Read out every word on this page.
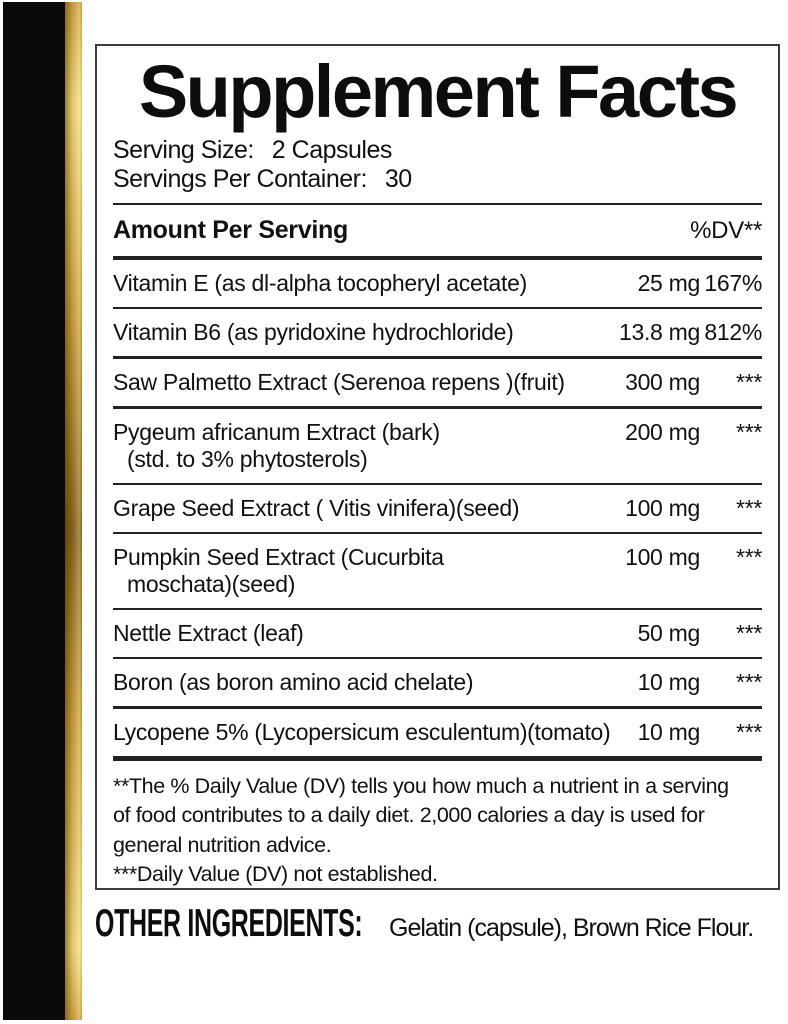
Supplement Facts
Serving Size: 2 Capsules
Servings Per Container: 30
Amount Per Serving	%DV**
Vitamin E (as dl-alpha tocopheryl acetate)	25 mg 167%
Vitamin B6 (as pyridoxine hydrochloride)	13.8 mg 812%
Saw Palmetto Extract (Serenoa repens )(fruit)	300 mg	***
Pygeum africanum Extract (bark)
(std. to 3% phytosterols)
200 mg	***
Grape Seed Extract ( Vitis vinifera)(seed)	100 mg	***
Pumpkin Seed Extract (Cucurbita
moschata)(seed)
100 mg	***
Nettle Extract (leaf)	50 mg	***
Boron (as boron amino acid chelate)	10 mg	***
Lycopene 5% (Lycopersicum esculentum)(tomato)	10 mg	***
**The % Daily Value (DV) tells you how much a nutrient in a serving
of food contributes to a daily diet. 2,000 calories a day is used for
general nutrition advice.
***Daily Value (DV) not established.
OTHER INGREDIENTS: Gelatin (capsule), Brown Rice Flour.
